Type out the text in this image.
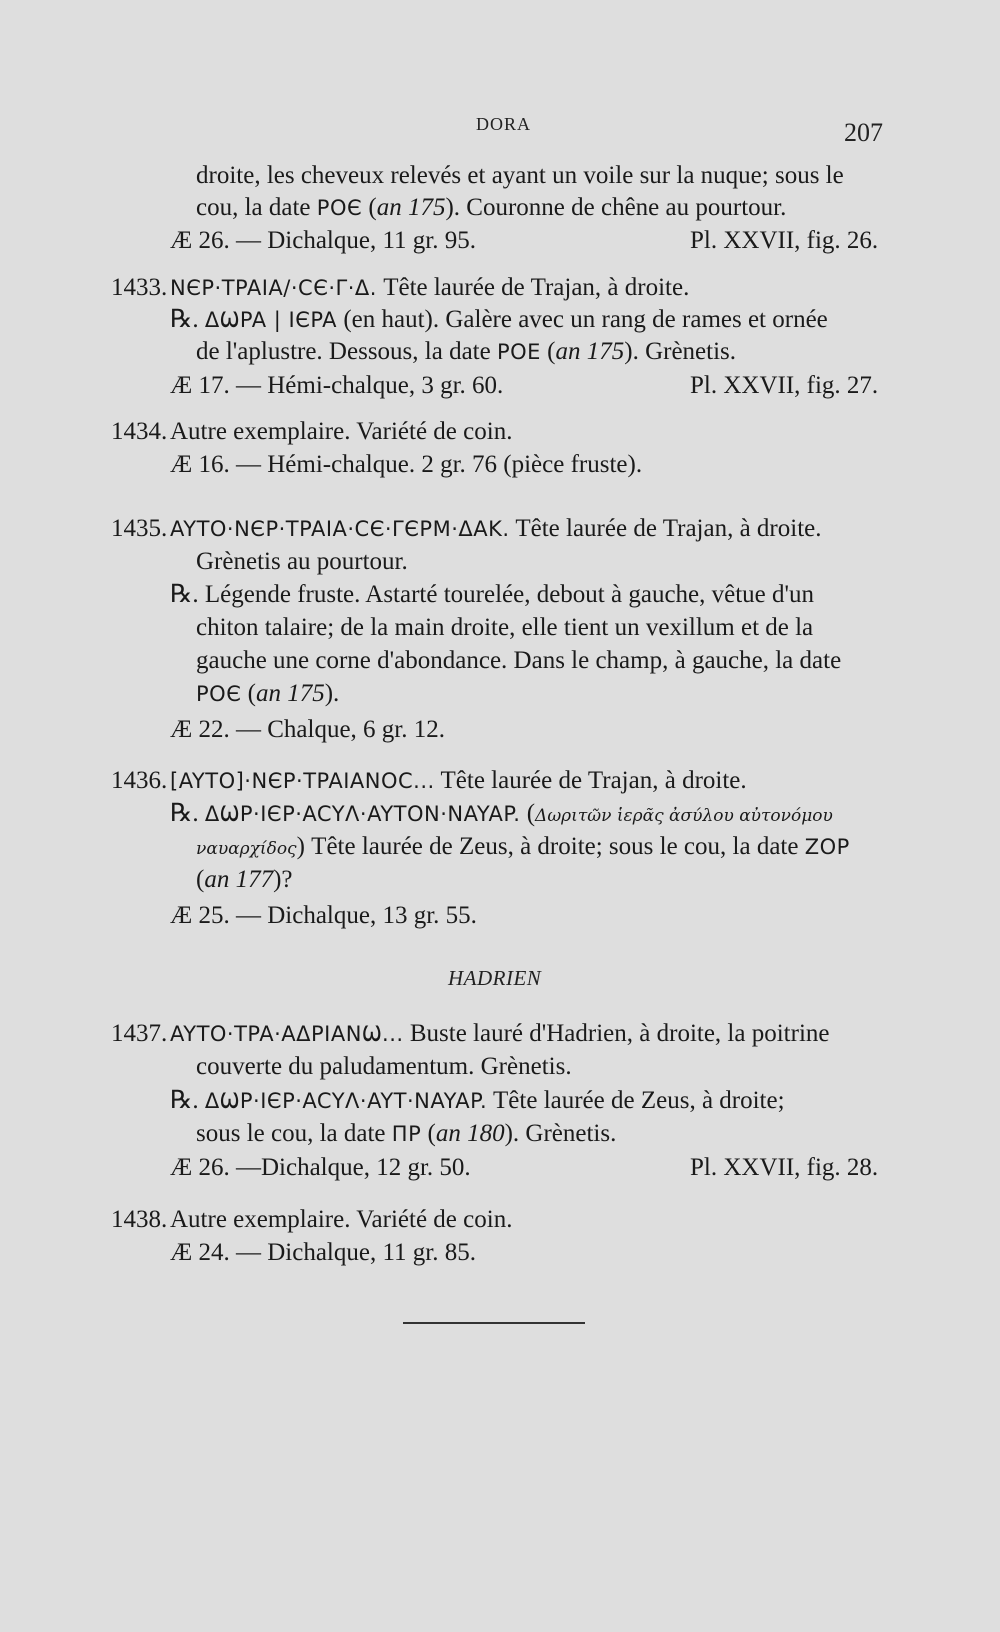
DORA	207
droite, les cheveux relevés et ayant un voile sur la nuque; sous le
cou, la date POЄ (an 175). Couronne de chêne au pourtour.
Æ 26. — Dichalque, 11 gr. 95.	Pl. XXVII, fig. 26.
1433. NЄP·TPAIA/·CЄ·Γ·Δ. Tête laurée de Trajan, à droite.
℞. ΔѠPA | IЄPA (en haut). Galère avec un rang de rames et ornée
de l'aplustre. Dessous, la date POE (an 175). Grènetis.
Æ 17. — Hémi-chalque, 3 gr. 60.	Pl. XXVII, fig. 27.
1434. Autre exemplaire. Variété de coin.
Æ 16. — Hémi-chalque. 2 gr. 76 (pièce fruste).
1435. AYTO·NЄP·TPAIA·CЄ·ΓЄPM·ΔAK. Tête laurée de Trajan, à droite.
Grènetis au pourtour.
℞. Légende fruste. Astarté tourelée, debout à gauche, vêtue d'un
chiton talaire; de la main droite, elle tient un vexillum et de la
gauche une corne d'abondance. Dans le champ, à gauche, la date
POЄ (an 175).
Æ 22. — Chalque, 6 gr. 12.
1436. [AYTO]·NЄP·TPAIANOC... Tête laurée de Trajan, à droite.
℞. ΔѠP·IЄP·ACYΛ·AYTON·NAYAP. (Δωριτῶν ἱερᾶς ἀσύλου αὐτονόμου
ναυαρχίδος) Tête laurée de Zeus, à droite; sous le cou, la date ZOP
(an 177)?
Æ 25. — Dichalque, 13 gr. 55.
HADRIEN
1437. AYTO·TPA·AΔPIANѠ... Buste lauré d'Hadrien, à droite, la poitrine
couverte du paludamentum. Grènetis.
℞. ΔѠP·IЄP·ACYΛ·AYT·NAYAP. Tête laurée de Zeus, à droite;
sous le cou, la date ΠP (an 180). Grènetis.
Æ 26. —Dichalque, 12 gr. 50.	Pl. XXVII, fig. 28.
1438. Autre exemplaire. Variété de coin.
Æ 24. — Dichalque, 11 gr. 85.
